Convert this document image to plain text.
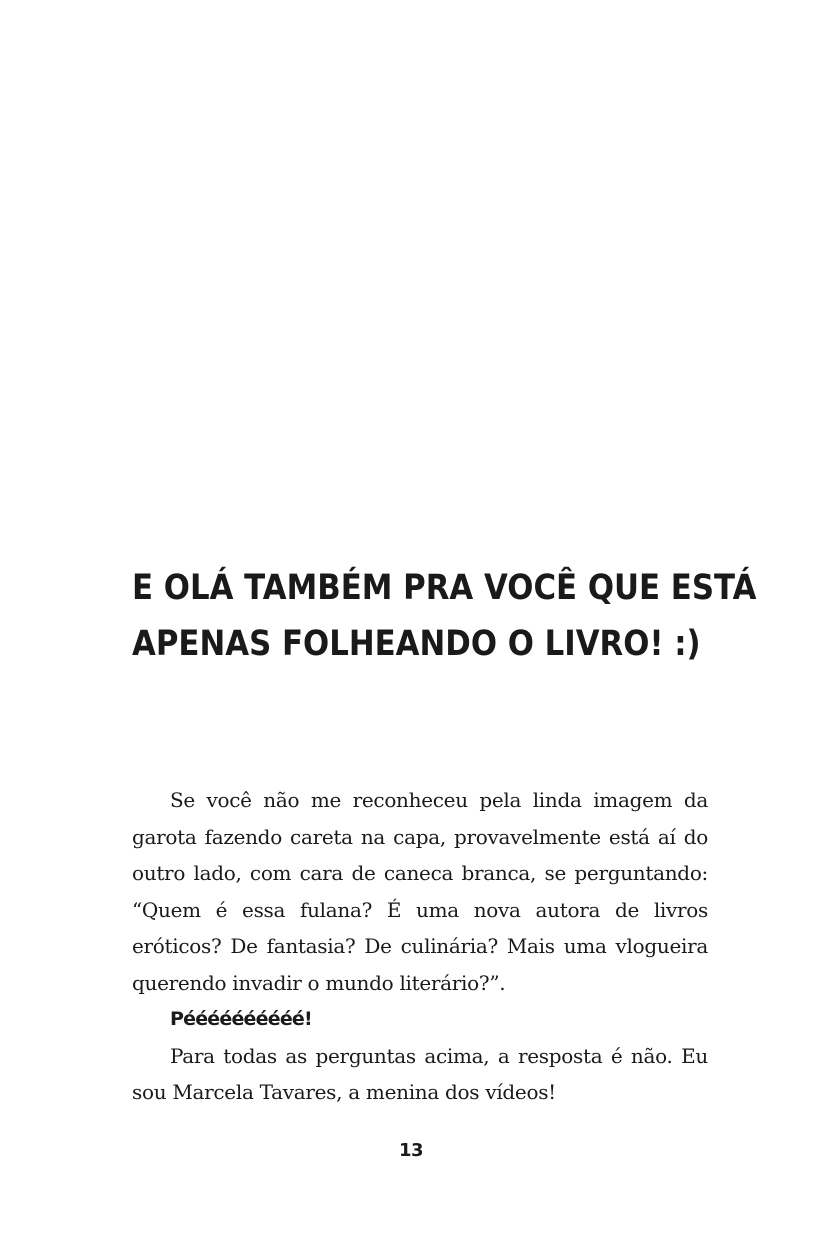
E OLÁ TAMBÉM PRA VOCÊ QUE ESTÁ
APENAS FOLHEANDO O LIVRO! :)

Se você não me reconheceu pela linda imagem da garota fazendo careta na capa, provavelmente está aí do outro lado, com cara de caneca branca, se perguntando: “Quem é essa fulana? É uma nova autora de livros eróticos? De fantasia? De culinária? Mais uma vlogueira querendo invadir o mundo literário?”.

Péééééééééé!

Para todas as perguntas acima, a resposta é não. Eu sou Marcela Tavares, a menina dos vídeos!

13
